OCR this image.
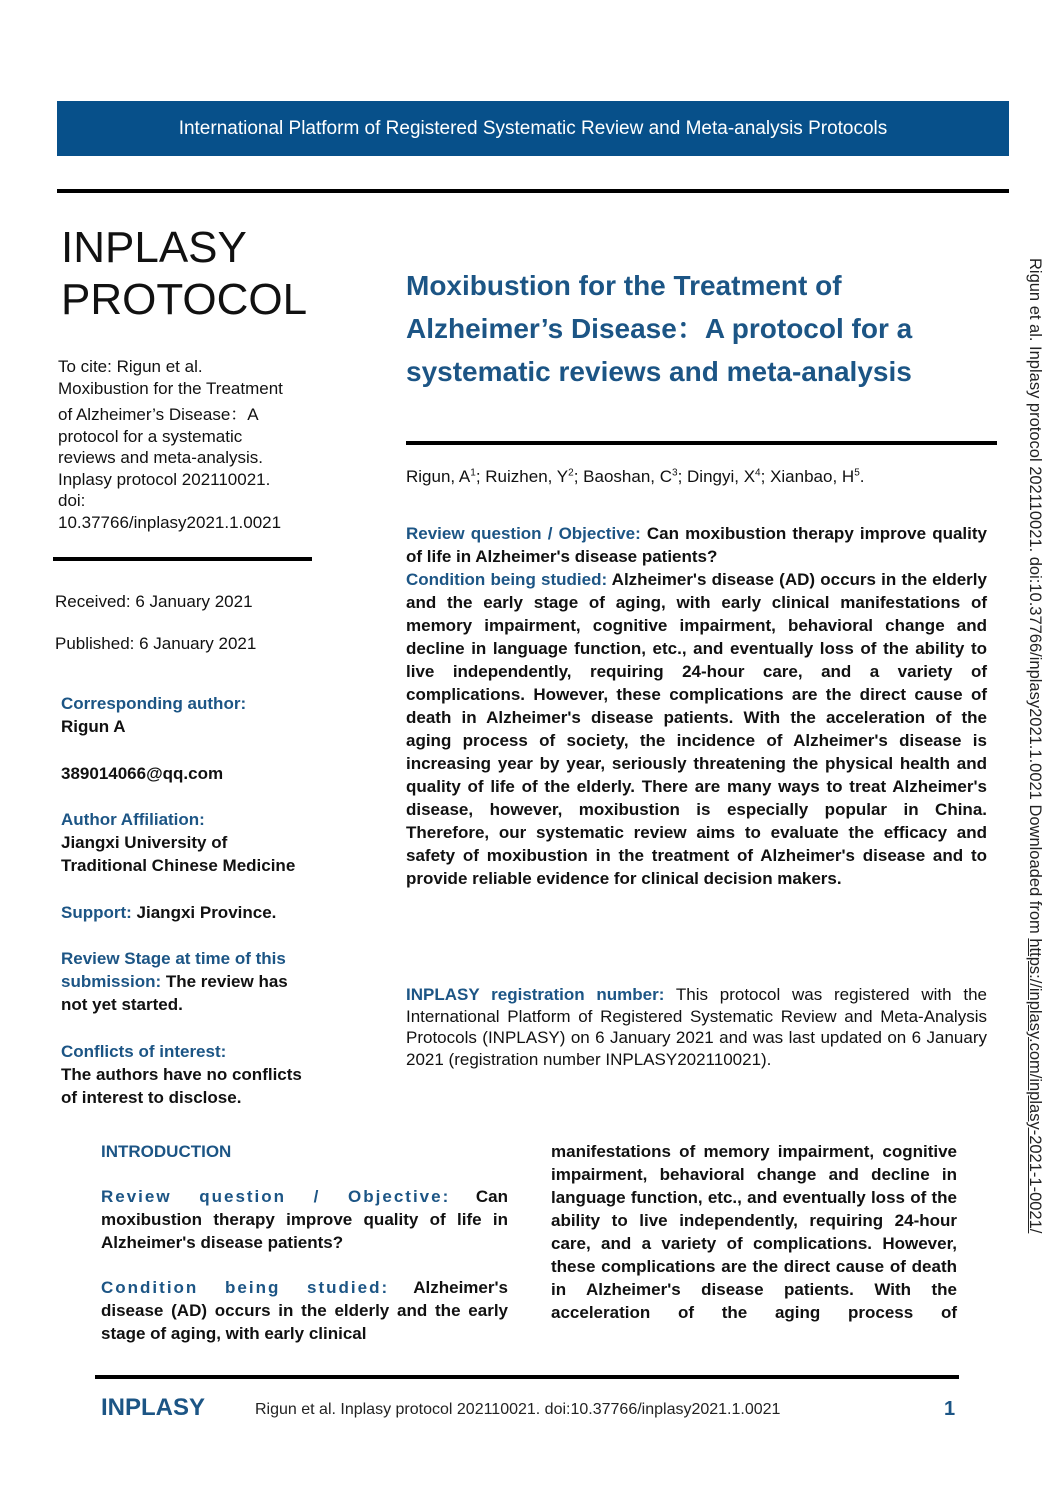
International Platform of Registered Systematic Review and Meta-analysis Protocols
INPLASY
PROTOCOL
To cite: Rigun et al.
Moxibustion for the Treatment
of Alzheimer’s Disease：A
protocol for a systematic
reviews and meta-analysis.
Inplasy protocol 202110021.
doi:
10.37766/inplasy2021.1.0021
Received: 6 January 2021
Published: 6 January 2021
Corresponding author:
Rigun A
389014066@qq.com
Author Affiliation:
Jiangxi University of
Traditional Chinese Medicine
Support: Jiangxi Province.
Review Stage at time of this
submission: The review has
not yet started.
Conflicts of interest:
The authors have no conflicts
of interest to disclose.
Moxibustion for the Treatment of
Alzheimer’s Disease：A protocol for a
systematic reviews and meta-analysis
Rigun, $A^1$; Ruizhen, $Y^2$; Baoshan, $C^3$; Dingyi, $X^4$; Xianbao, $H^5$.

Review question / Objective: Can moxibustion therapy improve quality of life in Alzheimer's disease patients?

Condition being studied: Alzheimer's disease (AD) occurs in the elderly and the early stage of aging, with early clinical manifestations of memory impairment, cognitive impairment, behavioral change and decline in language function, etc., and eventually loss of the ability to live independently, requiring 24-hour care, and a variety of complications. However, these complications are the direct cause of death in Alzheimer's disease patients. With the acceleration of the aging process of society, the incidence of Alzheimer's disease is increasing year by year, seriously threatening the physical health and quality of life of the elderly. There are many ways to treat Alzheimer's disease, however, moxibustion is especially popular in China. Therefore, our systematic review aims to evaluate the efficacy and safety of moxibustion in the treatment of Alzheimer's disease and to provide reliable evidence for clinical decision makers.

INPLASY registration number: This protocol was registered with the International Platform of Registered Systematic Review and Meta-Analysis Protocols (INPLASY) on 6 January 2021 and was last updated on 6 January 2021 (registration number INPLASY202110021).
INTRODUCTION

Review question / Objective: Can moxibustion therapy improve quality of life in Alzheimer's disease patients?

Condition being studied: Alzheimer's disease (AD) occurs in the elderly and the early stage of aging, with early clinical

manifestations of memory impairment, cognitive impairment, behavioral change and decline in language function, etc., and eventually loss of the ability to live independently, requiring 24-hour care, and a variety of complications. However, these complications are the direct cause of death in Alzheimer's disease patients. With the acceleration of the aging process of
INPLASY	Rigun et al. Inplasy protocol 202110021. doi:10.37766/inplasy2021.1.0021	1
Rigun et al. Inplasy protocol 202110021. doi:10.37766/inplasy2021.1.0021 Downloaded from https://inplasy.com/inplasy-2021-1-0021/
